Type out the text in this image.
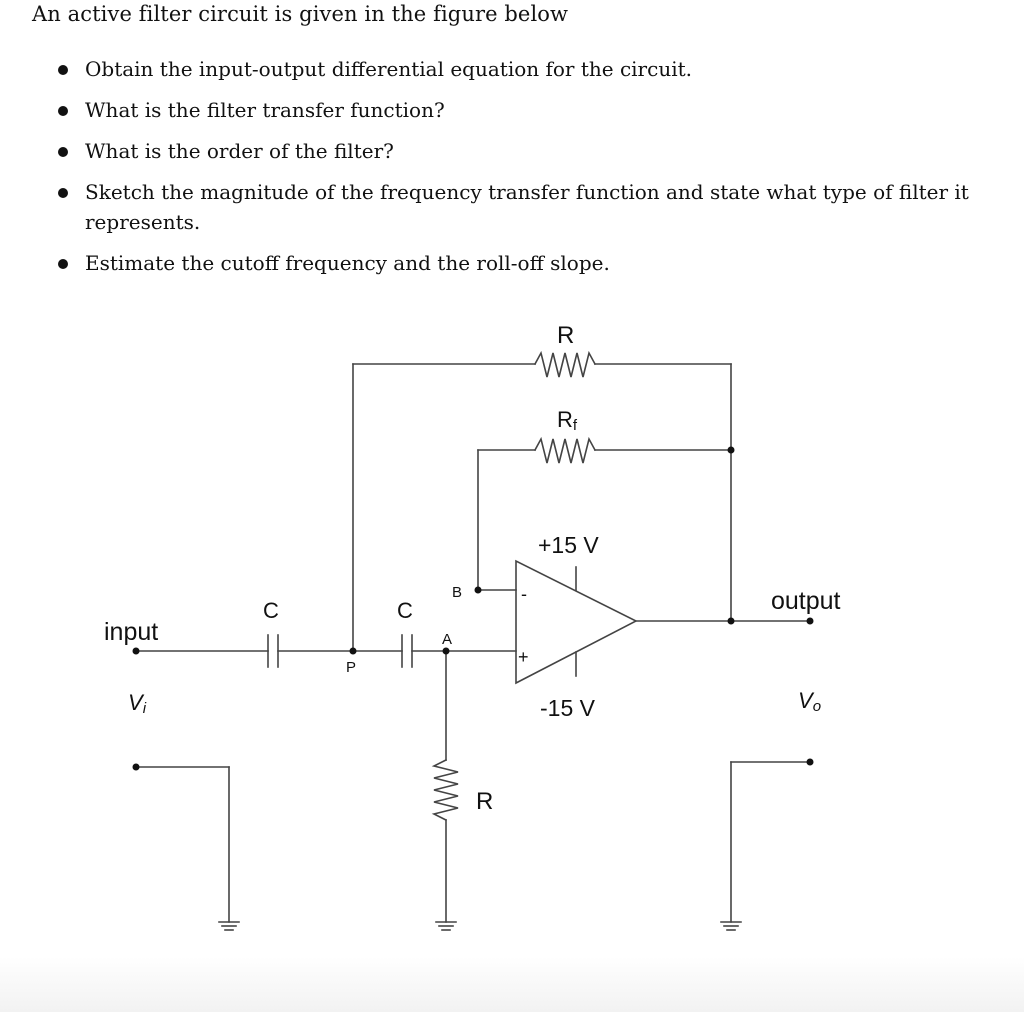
An active filter circuit is given in the figure below
Obtain the input-output differential equation for the circuit.
What is the filter transfer function?
What is the order of the filter?
Sketch the magnitude of the frequency transfer function and state what type of filter it represents.
Estimate the cutoff frequency and the roll-off slope.
input
Vi
C	C
P
A
B
R
Rf
R
+15 V
-15 V
-
+
output
Vo
